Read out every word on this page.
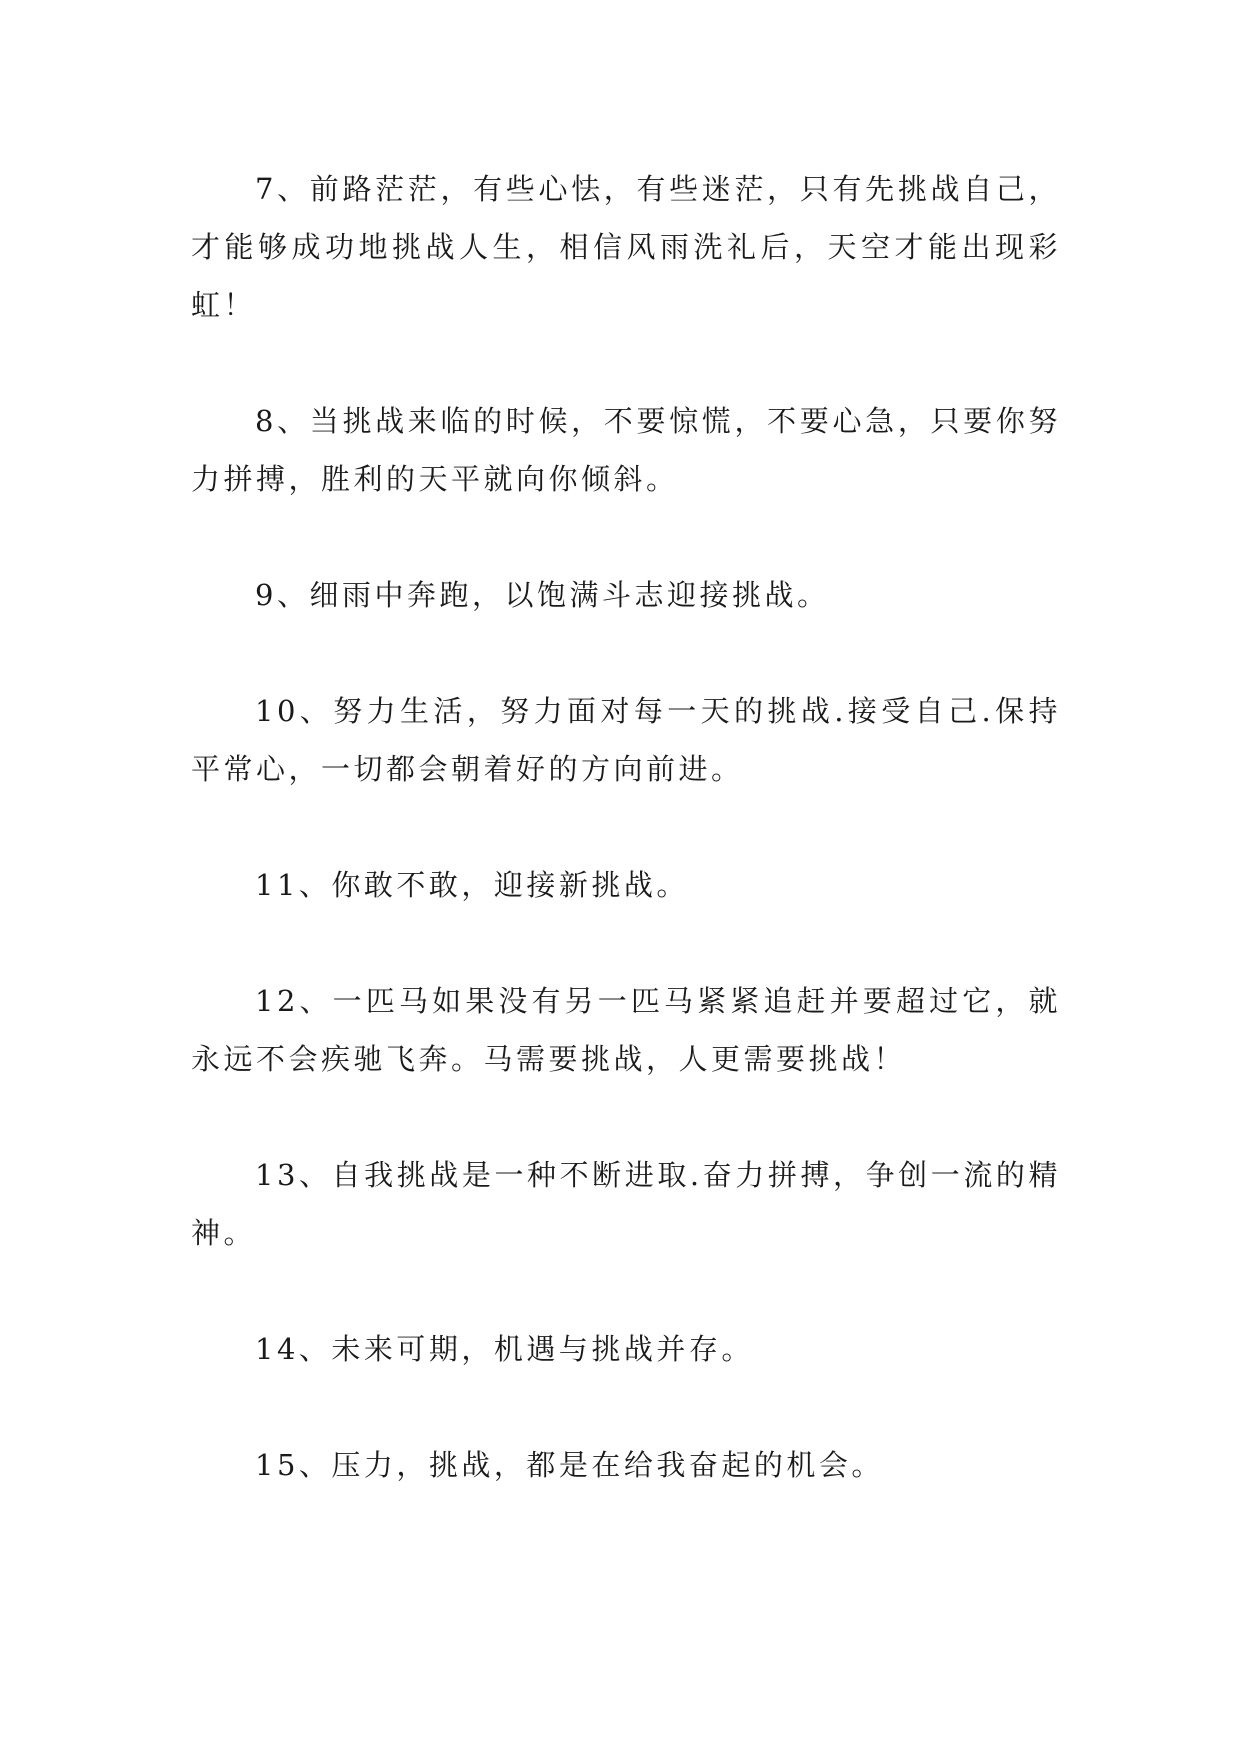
7、前路茫茫，有些心怯，有些迷茫，只有先挑战自己，才能够成功地挑战人生，相信风雨洗礼后，天空才能出现彩虹！

8、当挑战来临的时候，不要惊慌，不要心急，只要你努力拼搏，胜利的天平就向你倾斜。

9、细雨中奔跑，以饱满斗志迎接挑战。

10、努力生活，努力面对每一天的挑战.接受自己.保持平常心，一切都会朝着好的方向前进。

11、你敢不敢，迎接新挑战。

12、一匹马如果没有另一匹马紧紧追赶并要超过它，就永远不会疾驰飞奔。马需要挑战，人更需要挑战！

13、自我挑战是一种不断进取.奋力拼搏，争创一流的精神。

14、未来可期，机遇与挑战并存。

15、压力，挑战，都是在给我奋起的机会。
